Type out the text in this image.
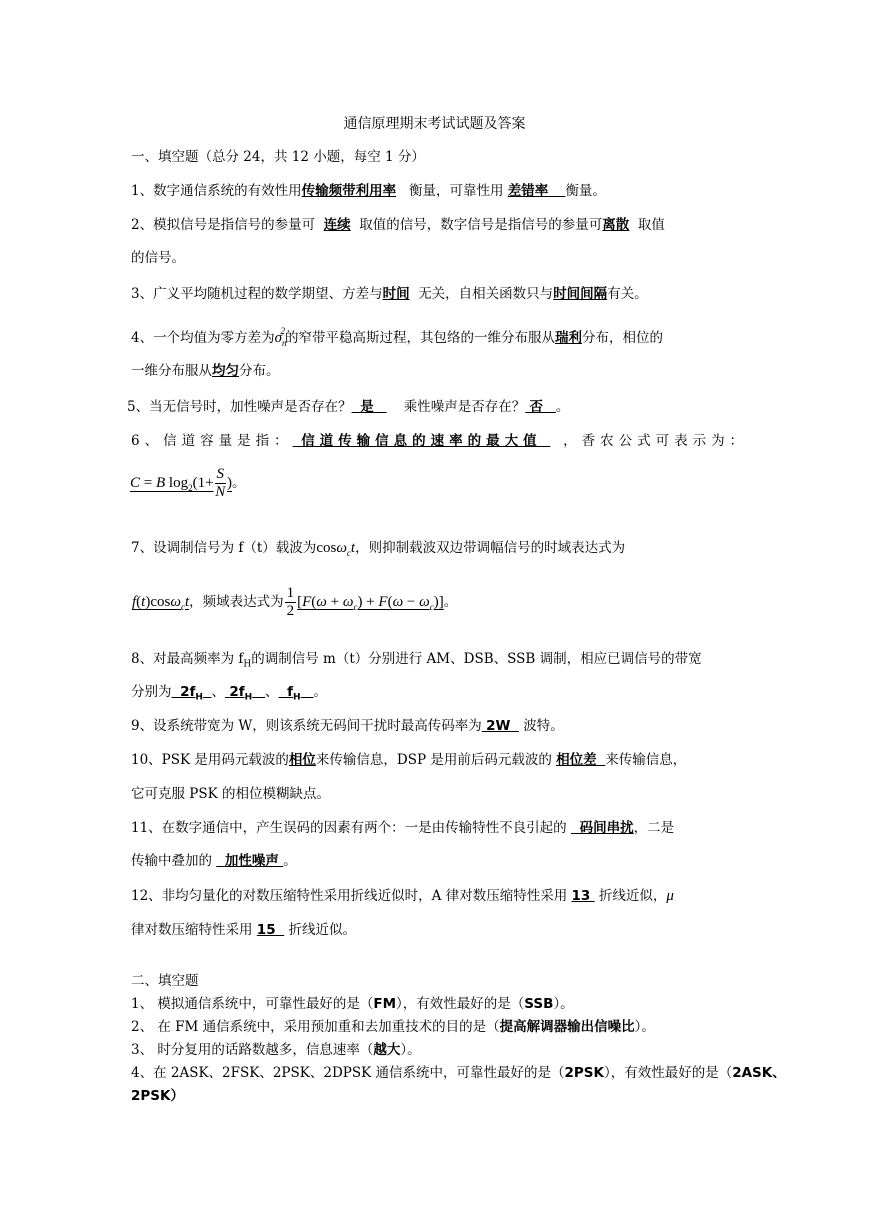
通信原理期末考试试题及答案
一、填空题（总分 24，共 12 小题，每空 1 分）
1、数字通信系统的有效性用传输频带利用率 衡量，可靠性用 差错率 衡量。
2、模拟信号是指信号的参量可 连续 取值的信号，数字信号是指信号的参量可离散 取值
的信号。
3、广义平均随机过程的数学期望、方差与时间 无关，自相关函数只与时间间隔有关。
4、一个均值为零方差为$\sigma_n^2$的窄带平稳高斯过程，其包络的一维分布服从瑞利分布，相位的
一维分布服从均匀分布。
5、当无信号时，加性噪声是否存在？ 是 乘性噪声是否存在？ 否 。
6、信道容量是指： 信道传输信息的速率的最大值 ，香农公式可表示为：
C = B $\log_2(1+ \frac{S}{N}$ )。
7、设调制信号为 f（t）载波为cosω$_c$t，则抑制载波双边带调幅信号的时域表达式为
f(t)cosω$_c$t，频域表达式为 $\frac{1}{2} [F(\omega + \omega_c) + F(\omega - \omega_c)]$。
8、对最高频率为 $f_H$的调制信号 m（t）分别进行 AM、DSB、SSB 调制，相应已调信号的带宽
分别为 $2f_H$ 、 $2f_H$ 、 $f_H$ 。
9、设系统带宽为 W，则该系统无码间干扰时最高传码率为 2W 波特。
10、PSK 是用码元载波的相位来传输信息，DSP 是用前后码元载波的 相位差 来传输信息，
它可克服 PSK 的相位模糊缺点。
11、在数字通信中，产生误码的因素有两个：一是由传输特性不良引起的 码间串扰，二是
传输中叠加的 加性噪声 。
12、非均匀量化的对数压缩特性采用折线近似时，A 律对数压缩特性采用 13 折线近似，μ
律对数压缩特性采用 15 折线近似。
二、填空题
1、 模拟通信系统中，可靠性最好的是（FM），有效性最好的是（SSB）。
2、 在 FM 通信系统中，采用预加重和去加重技术的目的是（提高解调器输出信噪比）。
3、 时分复用的话路数越多，信息速率（越大）。
4、在 2ASK、2FSK、2PSK、2DPSK 通信系统中，可靠性最好的是（2PSK），有效性最好的是（2ASK、
2PSK）
